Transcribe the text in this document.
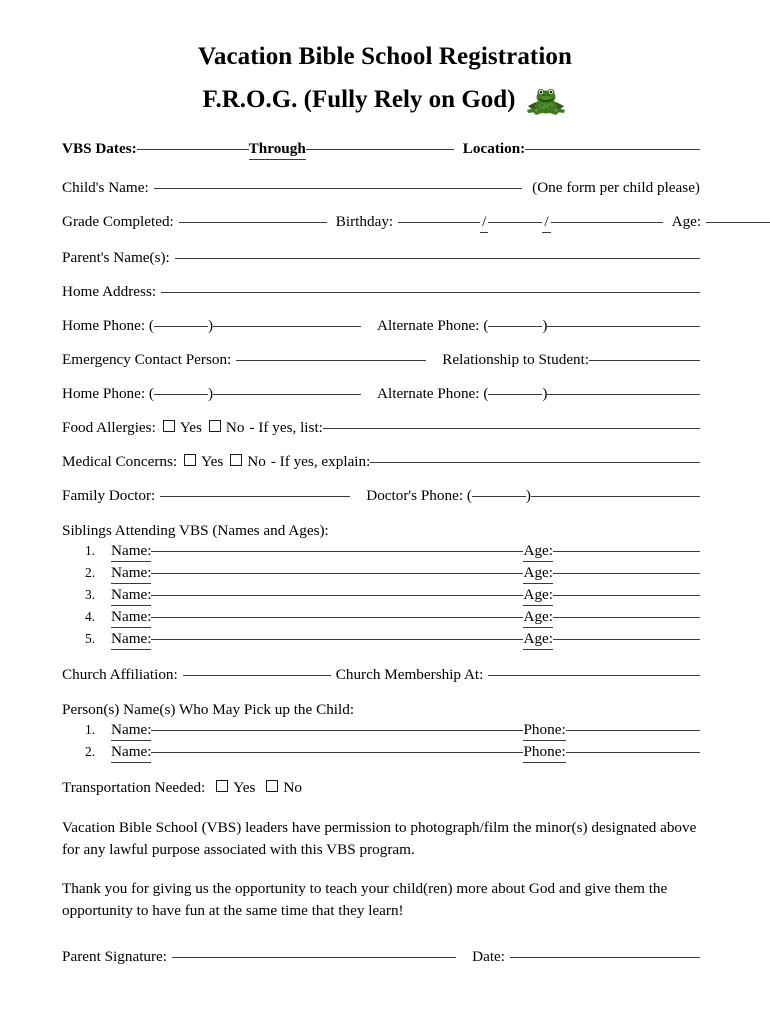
Vacation Bible School Registration
F.R.O.G. (Fully Rely on God)
VBS Dates:	Through	Location:
Child's Name:	(One form per child please)
Grade Completed:	Birthday:	/	/	Age:
Parent's Name(s):
Home Address:
Home Phone: (	)	Alternate Phone: (	)
Emergency Contact Person:	Relationship to Student:
Home Phone: (	)	Alternate Phone: (	)
Food Allergies: Yes No - If yes, list:
Medical Concerns: Yes No - If yes, explain:
Family Doctor:	Doctor's Phone: (	)
Siblings Attending VBS (Names and Ages):
1.	Name:	Age:
2.	Name:	Age:
3.	Name:	Age:
4.	Name:	Age:
5.	Name:	Age:
Church Affiliation:	Church Membership At:
Person(s) Name(s) Who May Pick up the Child:
1.	Name:	Phone:
2.	Name:	Phone:
Transportation Needed: Yes No
Vacation Bible School (VBS) leaders have permission to photograph/film the minor(s) designated above for any lawful purpose associated with this VBS program.
Thank you for giving us the opportunity to teach your child(ren) more about God and give them the opportunity to have fun at the same time that they learn!
Parent Signature:	Date:
